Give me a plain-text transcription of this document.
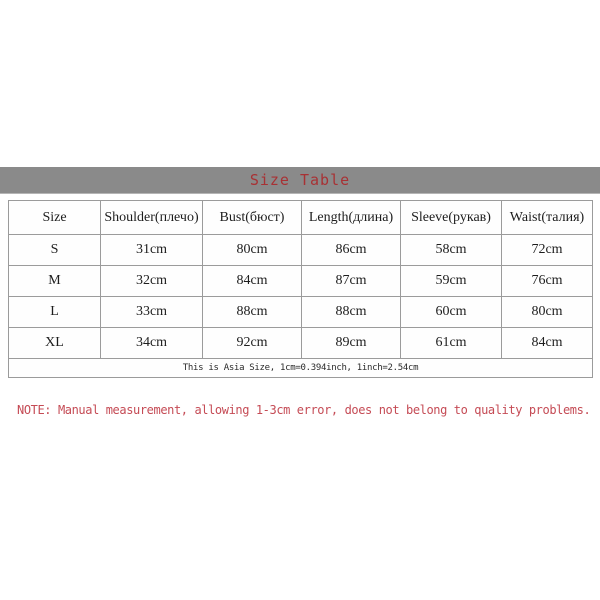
Size Table
Size	Shoulder(плечо)	Bust(бюст)	Length(длина)	Sleeve(рукав)	Waist(талия)
S	31cm	80cm	86cm	58cm	72cm
M	32cm	84cm	87cm	59cm	76cm
L	33cm	88cm	88cm	60cm	80cm
XL	34cm	92cm	89cm	61cm	84cm
This is Asia Size, 1cm=0.394inch, 1inch=2.54cm					

NOTE: Manual measurement, allowing 1-3cm error, does not belong to quality problems.
